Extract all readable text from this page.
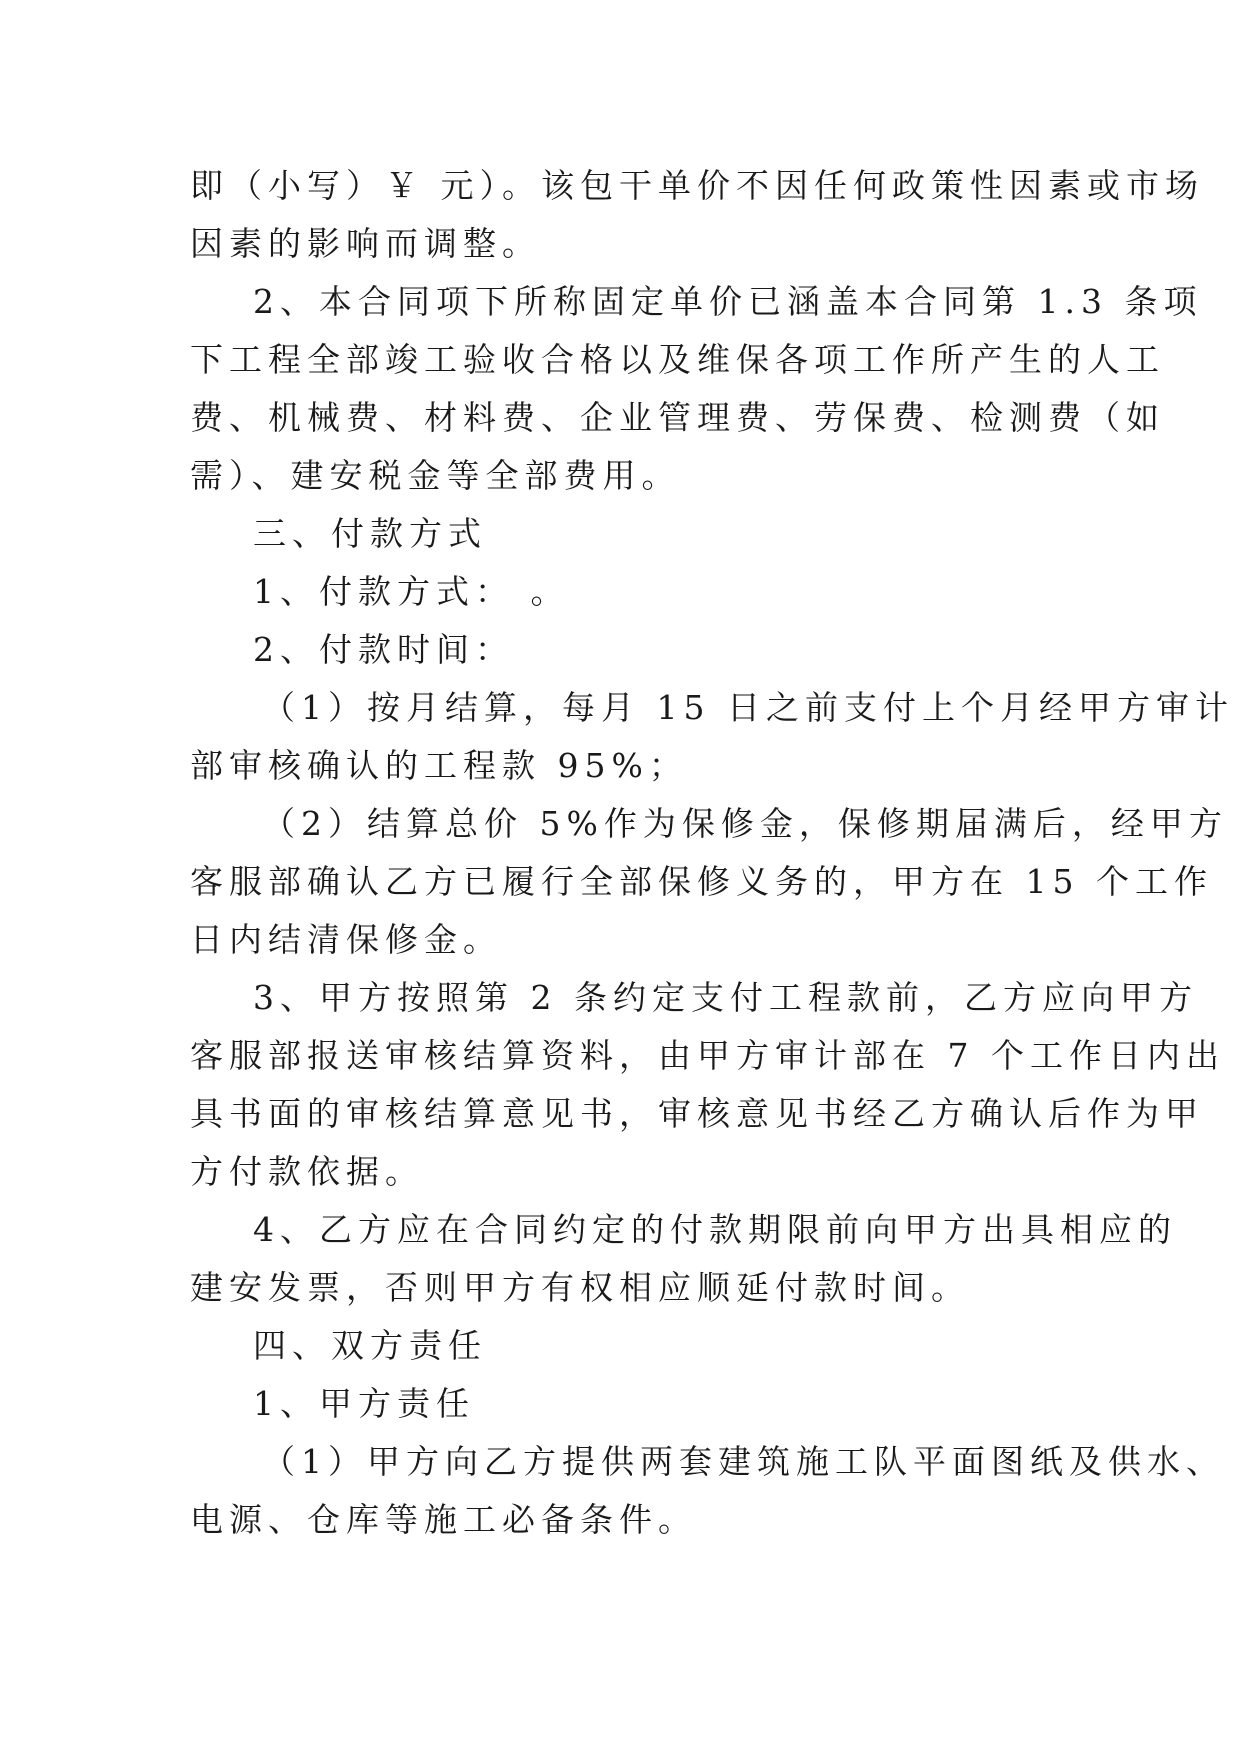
即（小写）￥ 元）。该包干单价不因任何政策性因素或市场
因素的影响而调整。
2、本合同项下所称固定单价已涵盖本合同第 1.3 条项
下工程全部竣工验收合格以及维保各项工作所产生的人工
费、机械费、材料费、企业管理费、劳保费、检测费（如
需）、建安税金等全部费用。
三、付款方式
1、付款方式： 。
2、付款时间：
（1）按月结算，每月 15 日之前支付上个月经甲方审计
部审核确认的工程款 95%；
（2）结算总价 5%作为保修金，保修期届满后，经甲方
客服部确认乙方已履行全部保修义务的，甲方在 15 个工作
日内结清保修金。
3、甲方按照第 2 条约定支付工程款前，乙方应向甲方
客服部报送审核结算资料，由甲方审计部在 7 个工作日内出
具书面的审核结算意见书，审核意见书经乙方确认后作为甲
方付款依据。
4、乙方应在合同约定的付款期限前向甲方出具相应的
建安发票，否则甲方有权相应顺延付款时间。
四、双方责任
1、甲方责任
（1）甲方向乙方提供两套建筑施工队平面图纸及供水、
电源、仓库等施工必备条件。
